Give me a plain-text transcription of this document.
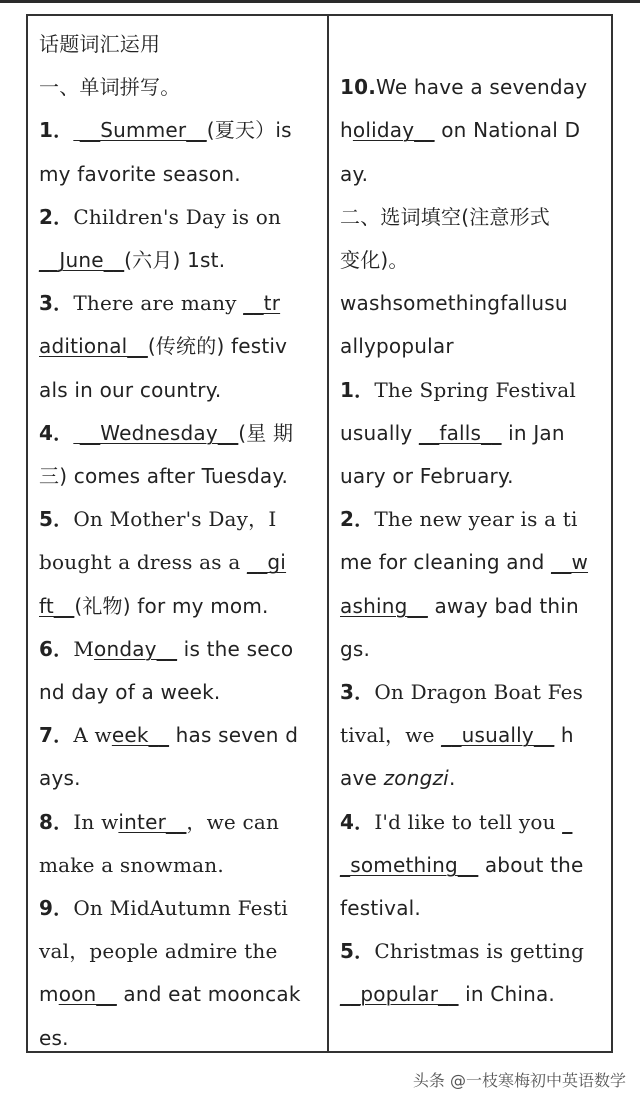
话题词汇运用
一、单词拼写。
1． __Summer__(夏天）is
my favorite season.
2．Children's Day is on
__June__(六月) 1st.
3．There are many __tr
aditional__(传统的) festiv
als in our country.
4． __Wednesday__(星 期
三) comes after Tuesday.
5．On Mother's Day，I
bought a dress as a __gi
ft__(礼物) for my mom.
6．Monday__ is the seco
nd day of a week.
7．A week__ has seven d
ays.
8．In winter__，we can
make a snowman.
9．On MidAutumn Festi
val，people admire the
moon__ and eat mooncak
es.
10.We have a sevenday
holiday__ on National D
ay.
二、选词填空(注意形式
变化)。
washsomethingfallusu
allypopular
1．The Spring Festival
usually __falls__ in Jan
uary or February.
2．The new year is a ti
me for cleaning and __w
ashing__ away bad thin
gs.
3．On Dragon Boat Fes
tival，we __usually__ h
ave zongzi.
4．I'd like to tell you _
_something__ about the
festival.
5．Christmas is getting
__popular__ in China.
头条 @一枝寒梅初中英语数学
